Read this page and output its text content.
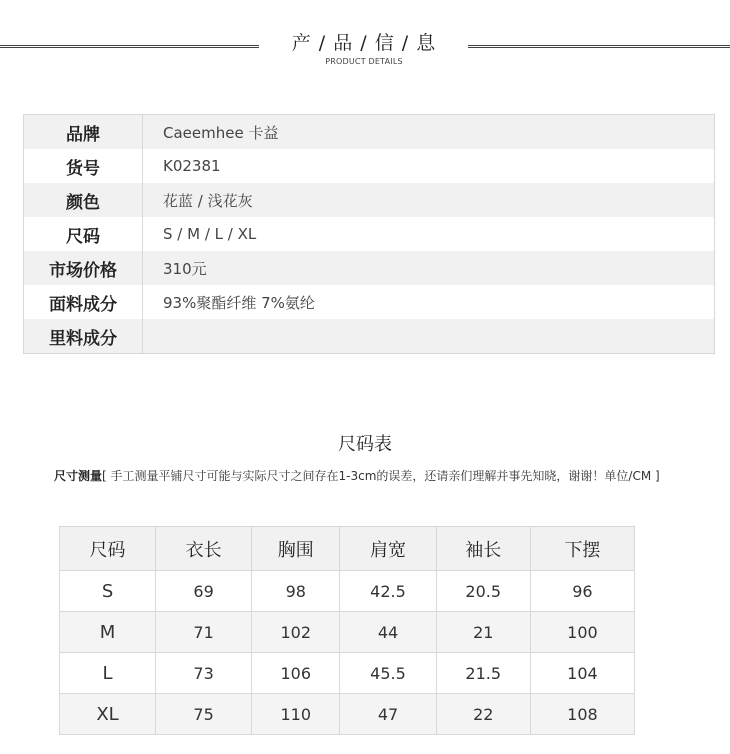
产 / 品 / 信 / 息
PRODUCT DETAILS
品牌	Caeemhee 卡益
货号	K02381
颜色	花蓝 / 浅花灰
尺码	S / M / L / XL
市场价格	310元
面料成分	93%聚酯纤维 7%氨纶
里料成分
尺码表
尺寸测量[ 手工测量平铺尺寸可能与实际尺寸之间存在1-3cm的误差，还请亲们理解并事先知晓，谢谢！单位/CM ]
尺码	衣长	胸围	肩宽	袖长	下摆
S	69	98	42.5	20.5	96
M	71	102	44	21	100
L	73	106	45.5	21.5	104
XL	75	110	47	22	108
